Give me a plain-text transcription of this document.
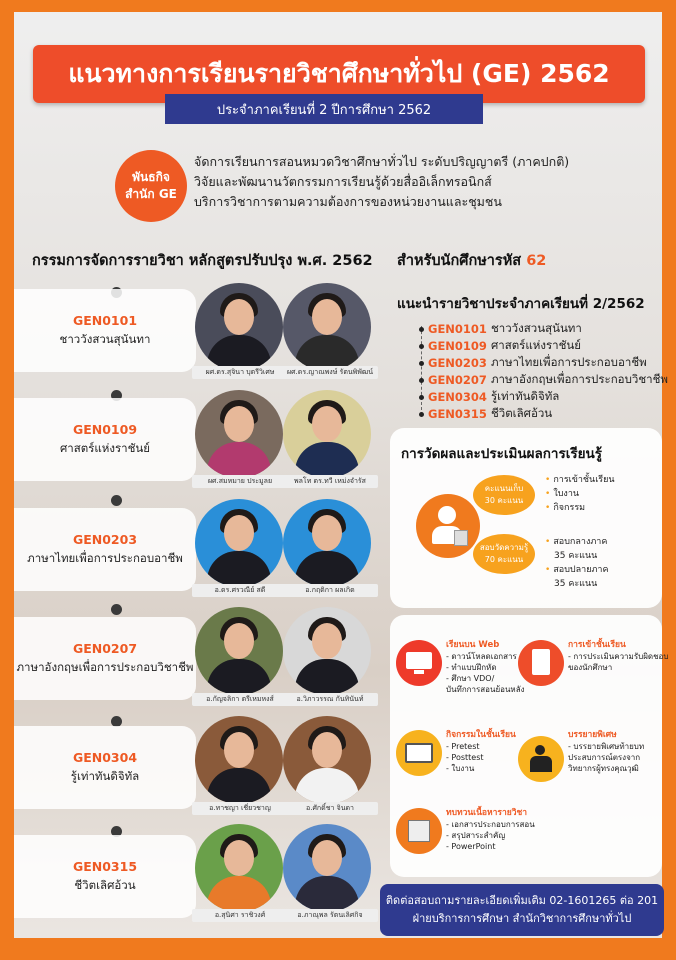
แนวทางการเรียนรายวิชาศึกษาทั่วไป (GE) 2562
ประจำภาคเรียนที่ 2 ปีการศึกษา 2562
พันธกิจ
สำนัก GE
จัดการเรียนการสอนหมวดวิชาศึกษาทั่วไป ระดับปริญญาตรี (ภาคปกติ)
วิจัยและพัฒนานวัตกรรมการเรียนรู้ด้วยสื่ออิเล็กทรอนิกส์
บริการวิชาการตามความต้องการของหน่วยงานและชุมชน
กรรมการจัดการรายวิชา หลักสูตรปรับปรุง พ.ศ. 2562 สำหรับนักศึกษารหัส 62
GEN0101
ชาววังสวนสุนันทา
ผศ.ดร.สุจินา บุตรีวิเศษ	ผศ.ดร.ญาณพงษ์ รัตนพิพัฒน์
GEN0109
ศาสตร์แห่งราชันย์
ผศ.สมหมาย ประมูลย	พลโท ดร.ทวี เหม่งจำรัส
GEN0203
ภาษาไทยเพื่อการประกอบอาชีพ
อ.ดร.ศรวณีย์ สดี	อ.กฤติกา ผลเกิด
GEN0207
ภาษาอังกฤษเพื่อการประกอบวิชาชีพ
อ.กัญจลิกา ตรีเหมหงส์	อ.วิภาวรรณ กันทินันท์
GEN0304
รู้เท่าทันดิจิทัล
อ.ทาชญา เชี่ยวชาญ	อ.ศักดิ์ชา จินดา
GEN0315
ชีวิตเลิศอ้วน
อ.สุนิศา ราชิวงศ์	อ.ภาณุพล รัตนเลิศกิจ
แนะนำรายวิชาประจำภาคเรียนที่ 2/2562
GEN0101 ชาววังสวนสุนันทา
GEN0109 ศาสตร์แห่งราชันย์
GEN0203 ภาษาไทยเพื่อการประกอบอาชีพ
GEN0207 ภาษาอังกฤษเพื่อการประกอบวิชาชีพ
GEN0304 รู้เท่าทันดิจิทัล
GEN0315 ชีวิตเลิศอ้วน
การวัดผลและประเมินผลการเรียนรู้
คะแนนเก็บ
30 คะแนน
สอบวัดความรู้
70 คะแนน
• การเข้าชั้นเรียน
• ใบงาน
• กิจกรรม
• สอบกลางภาค
35 คะแนน
• สอบปลายภาค
35 คะแนน
เรียนบน Web
- ดาวน์โหลดเอกสาร
- ทำแบบฝึกหัด
- ศึกษา VDO/
บันทึกการสอนย้อนหลัง
การเข้าชั้นเรียน
- การประเมินความรับผิดชอบ
ของนักศึกษา
กิจกรรมในชั้นเรียน
- Pretest
- Posttest
- ใบงาน
บรรยายพิเศษ
- บรรยายพิเศษท้ายบท
ประสบการณ์ตรงจาก
วิทยากรผู้ทรงคุณวุฒิ
ทบทวนเนื้อหารายวิชา
- เอกสารประกอบการสอน
- สรุปสาระสำคัญ
- PowerPoint
ติดต่อสอบถามรายละเอียดเพิ่มเติม 02-1601265 ต่อ 201
ฝ่ายบริการการศึกษา สำนักวิชาการศึกษาทั่วไป
